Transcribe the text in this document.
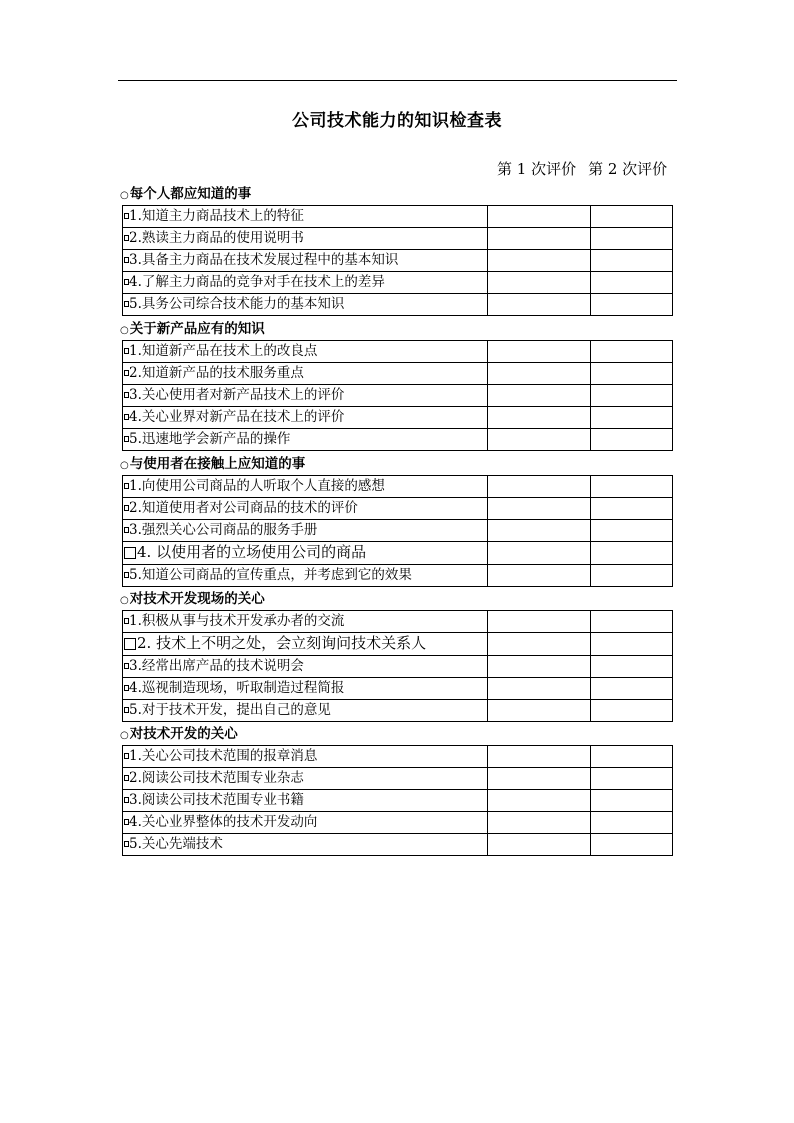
公司技术能力的知识检查表
第 1 次评价 第 2 次评价
○每个人都应知道的事
1.知道主力商品技术上的特征		
2.熟读主力商品的使用说明书		
3.具备主力商品在技术发展过程中的基本知识		
4.了解主力商品的竞争对手在技术上的差异		
5.具务公司综合技术能力的基本知识		
○关于新产品应有的知识
1.知道新产品在技术上的改良点		
2.知道新产品的技术服务重点		
3.关心使用者对新产品技术上的评价		
4.关心业界对新产品在技术上的评价		
5.迅速地学会新产品的操作		
○与使用者在接触上应知道的事
1.向使用公司商品的人听取个人直接的感想		
2.知道使用者对公司商品的技术的评价		
3.强烈关心公司商品的服务手册		
4. 以使用者的立场使用公司的商品		
5.知道公司商品的宣传重点，并考虑到它的效果		
○对技术开发现场的关心
1.积极从事与技术开发承办者的交流		
2. 技术上不明之处，会立刻询问技术关系人		
3.经常出席产品的技术说明会		
4.巡视制造现场，听取制造过程简报		
5.对于技术开发，提出自己的意见		
○对技术开发的关心
1.关心公司技术范围的报章消息		
2.阅读公司技术范围专业杂志		
3.阅读公司技术范围专业书籍		
4.关心业界整体的技术开发动向		
5.关心先端技术		
